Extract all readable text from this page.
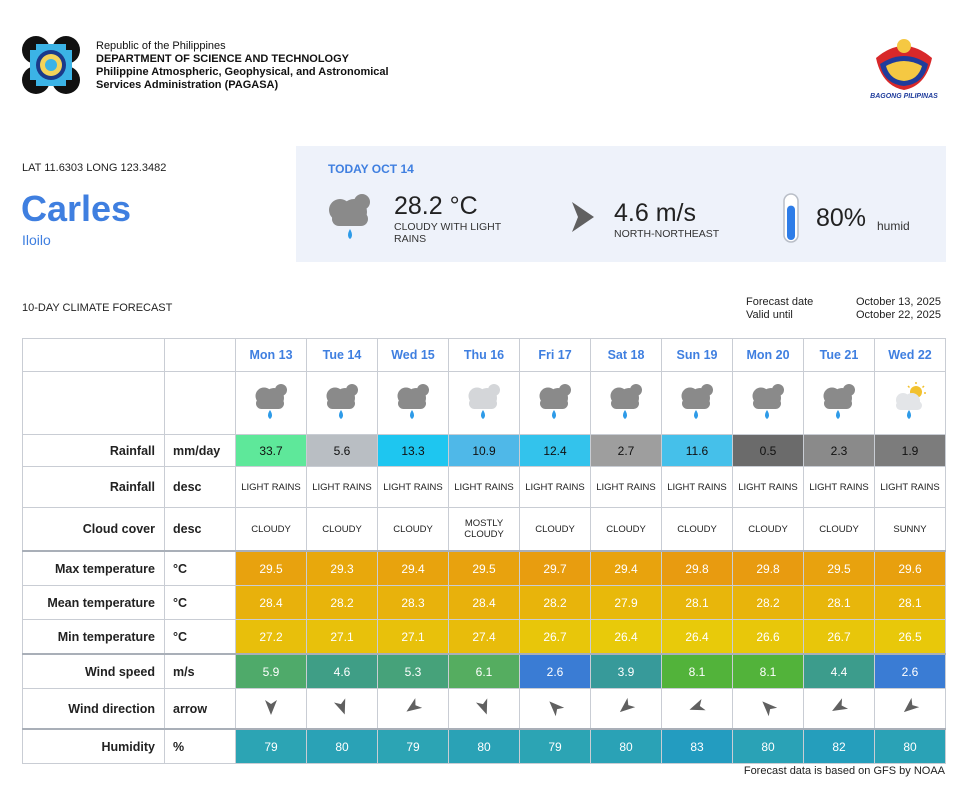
Republic of the Philippines
DEPARTMENT OF SCIENCE AND TECHNOLOGY
Philippine Atmospheric, Geophysical, and Astronomical
Services Administration (PAGASA)
BAGONG PILIPINAS
LAT 11.6303 LONG 123.3482
Carles
Iloilo
TODAY OCT 14
28.2 °C
CLOUDY WITH LIGHT RAINS
4.6 m/s
NORTH-NORTHEAST
80% humid
10-DAY CLIMATE FORECAST	Forecast date	October 13, 2025
Valid until	October 22, 2025
		Mon 13	Tue 14	Wed 15	Thu 16	Fri 17	Sat 18	Sun 19	Mon 20	Tue 21	Wed 22

Rainfall	mm/day	33.7	5.6	13.3	10.9	12.4	2.7	11.6	0.5	2.3	1.9
Rainfall	desc	LIGHT RAINS	LIGHT RAINS	LIGHT RAINS	LIGHT RAINS	LIGHT RAINS	LIGHT RAINS	LIGHT RAINS	LIGHT RAINS	LIGHT RAINS	LIGHT RAINS
Cloud cover	desc	CLOUDY	CLOUDY	CLOUDY	MOSTLY CLOUDY	CLOUDY	CLOUDY	CLOUDY	CLOUDY	CLOUDY	SUNNY
Max temperature	°C	29.5	29.3	29.4	29.5	29.7	29.4	29.8	29.8	29.5	29.6
Mean temperature	°C	28.4	28.2	28.3	28.4	28.2	27.9	28.1	28.2	28.1	28.1
Min temperature	°C	27.2	27.1	27.1	27.4	26.7	26.4	26.4	26.6	26.7	26.5
Wind speed	m/s	5.9	4.6	5.3	6.1	2.6	3.9	8.1	8.1	4.4	2.6
Wind direction	arrow										
Humidity	%	79	80	79	80	79	80	83	80	82	80
Forecast data is based on GFS by NOAA
